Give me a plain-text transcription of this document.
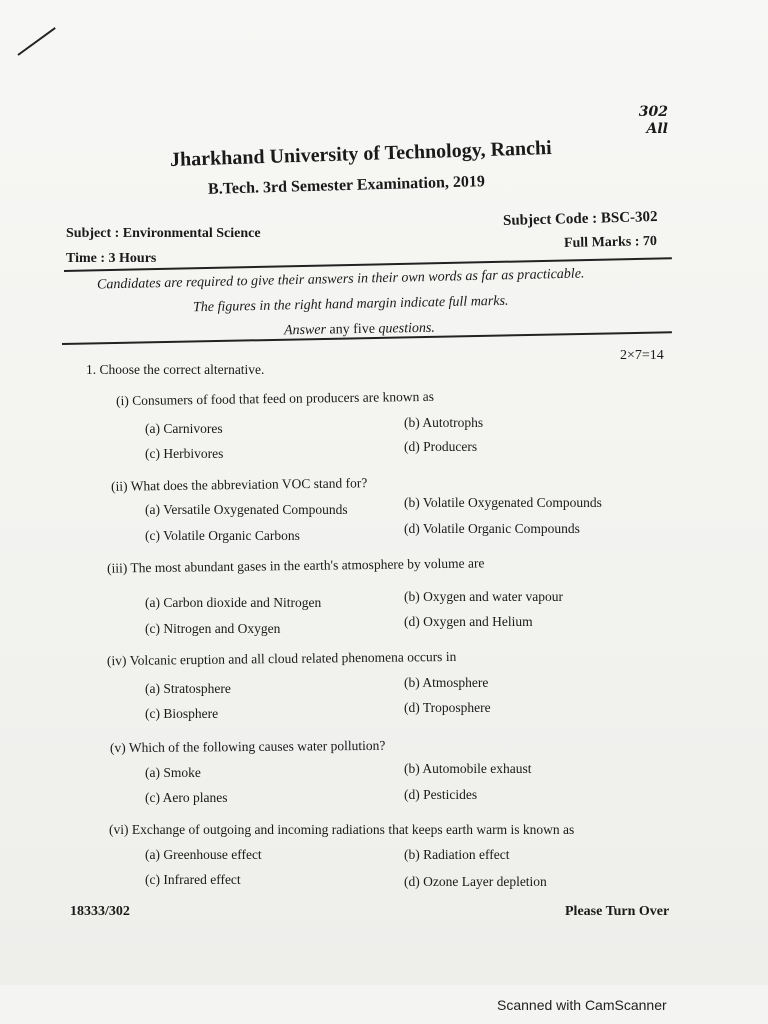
302
All
Jharkhand University of Technology, Ranchi
B.Tech. 3rd Semester Examination, 2019
Subject : Environmental Science
Subject Code : BSC-302
Time : 3 Hours
Full Marks : 70
Candidates are required to give their answers in their own words as far as practicable.
The figures in the right hand margin indicate full marks.
Answer any five questions.
2×7=14
1. Choose the correct alternative.
(i) Consumers of food that feed on producers are known as
(a) Carnivores	(b) Autotrophs
(c) Herbivores	(d) Producers
(ii) What does the abbreviation VOC stand for?
(a) Versatile Oxygenated Compounds	(b) Volatile Oxygenated Compounds
(c) Volatile Organic Carbons	(d) Volatile Organic Compounds
(iii) The most abundant gases in the earth's atmosphere by volume are
(a) Carbon dioxide and Nitrogen	(b) Oxygen and water vapour
(c) Nitrogen and Oxygen	(d) Oxygen and Helium
(iv) Volcanic eruption and all cloud related phenomena occurs in
(a) Stratosphere	(b) Atmosphere
(c) Biosphere	(d) Troposphere
(v) Which of the following causes water pollution?
(a) Smoke	(b) Automobile exhaust
(c) Aero planes	(d) Pesticides
(vi) Exchange of outgoing and incoming radiations that keeps earth warm is known as
(a) Greenhouse effect	(b) Radiation effect
(c) Infrared effect	(d) Ozone Layer depletion
18333/302	Please Turn Over
Scanned with CamScanner
